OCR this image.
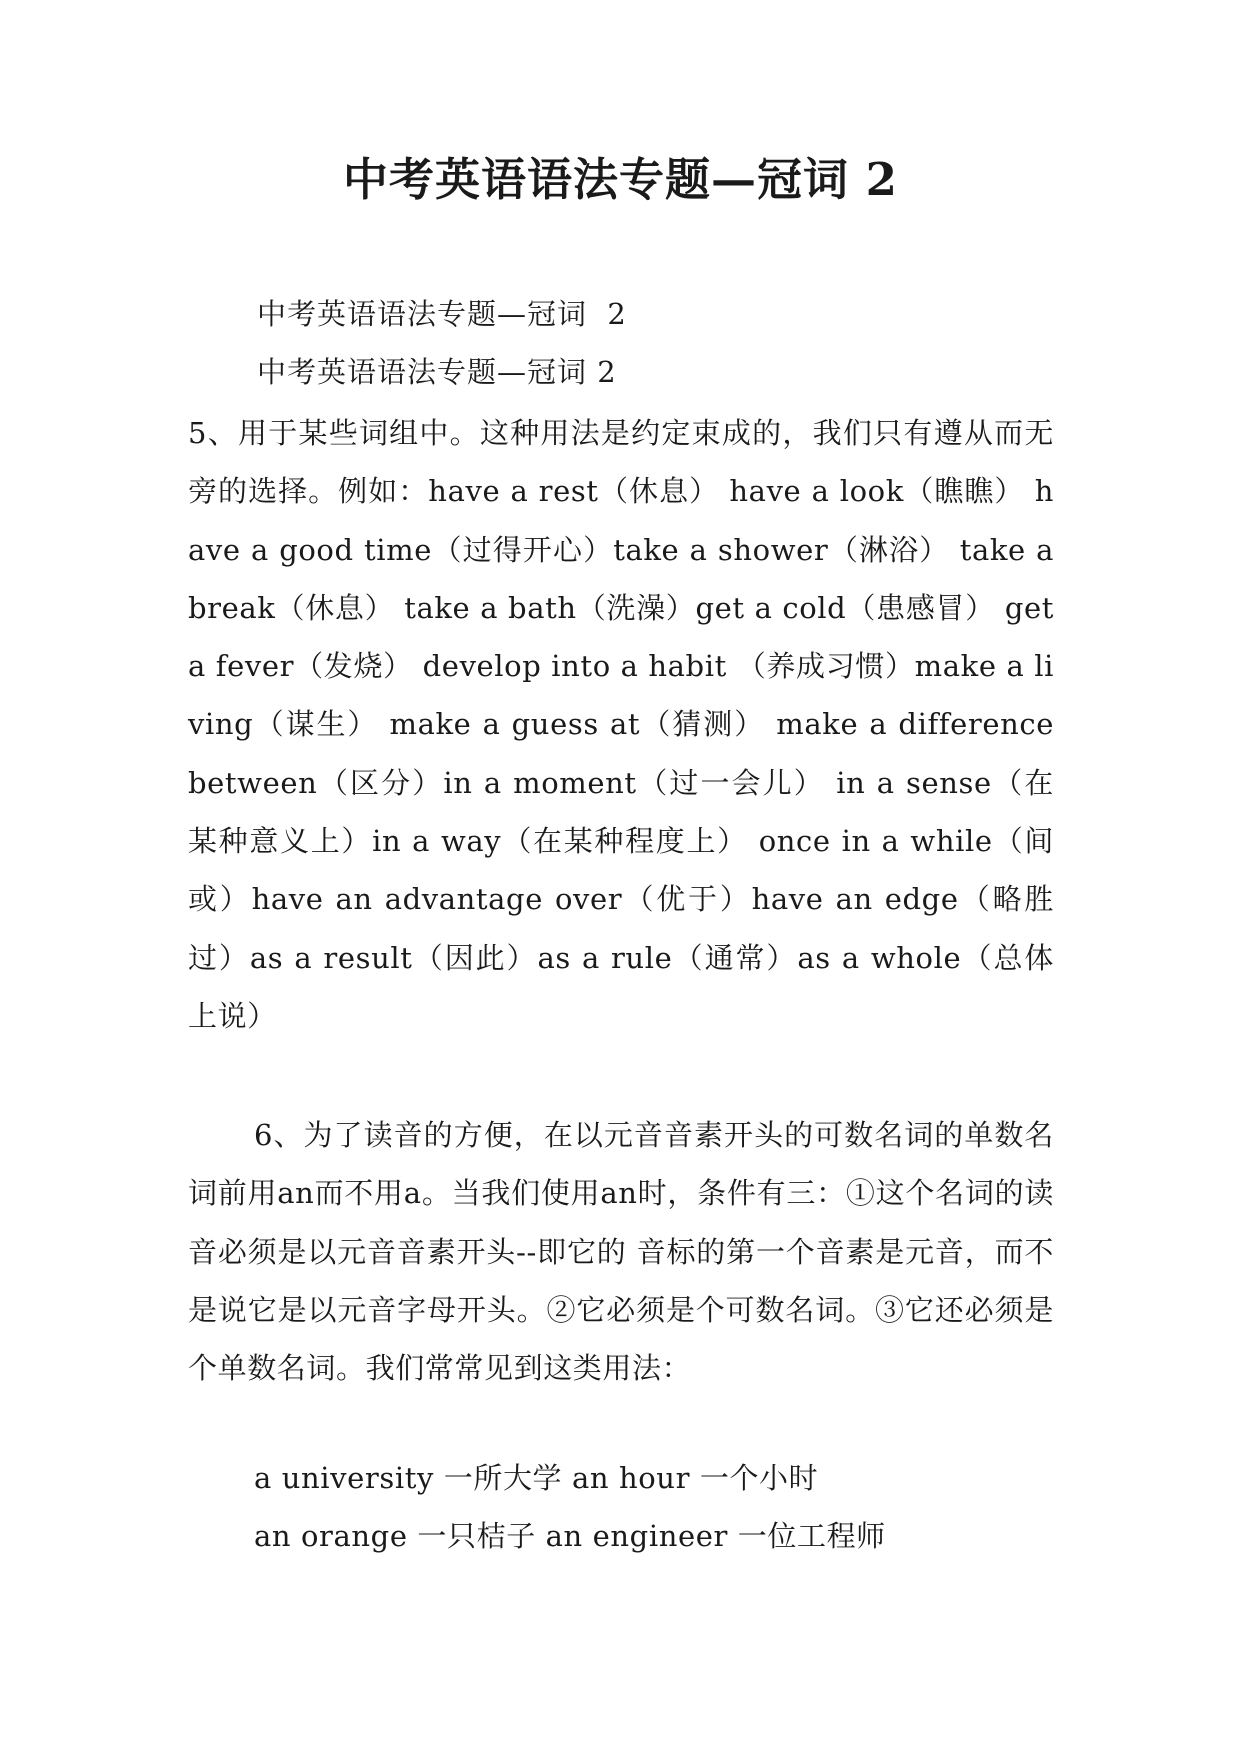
中考英语语法专题—冠词 2
中考英语语法专题—冠词  2
中考英语语法专题—冠词 2

5、用于某些词组中。这种用法是约定束成的，我们只有遵从而无旁的选择。例如：have a rest（休息） have a look（瞧瞧） have a good time（过得开心）take a shower（淋浴） take a break（休息） take a bath（洗澡）get a cold（患感冒） get a fever（发烧） develop into a habit （养成习惯）make a living（谋生） make a guess at（猜测） make a difference between（区分）in a moment（过一会儿） in a sense（在某种意义上）in a way（在某种程度上） once in a while（间或）have an advantage over（优于）have an edge（略胜过）as a result（因此）as a rule（通常）as a whole（总体上说）

6、为了读音的方便，在以元音音素开头的可数名词的单数名词前用an而不用a。当我们使用an时，条件有三：①这个名词的读音必须是以元音音素开头--即它的 音标的第一个音素是元音，而不是说它是以元音字母开头。②它必须是个可数名词。③它还必须是个单数名词。我们常常见到这类用法：

a university 一所大学 an hour 一个小时
an orange 一只桔子 an engineer 一位工程师
